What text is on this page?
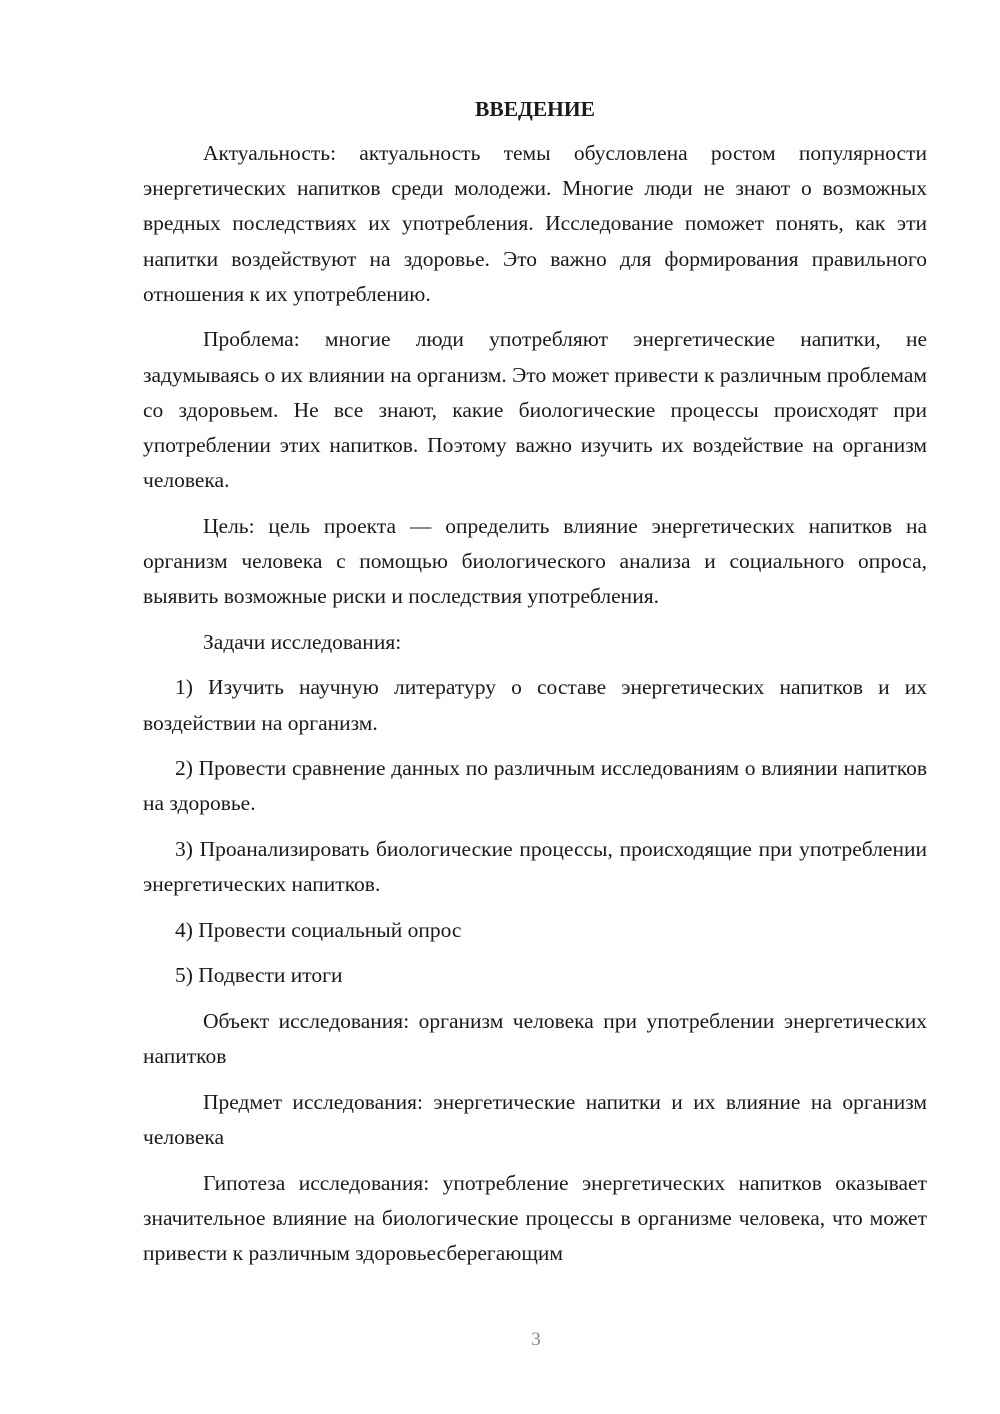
ВВЕДЕНИЕ

Актуальность: актуальность темы обусловлена ростом популярности энергетических напитков среди молодежи. Многие люди не знают о возможных вредных последствиях их употребления. Исследование поможет понять, как эти напитки воздействуют на здоровье. Это важно для формирования правильного отношения к их употреблению.

Проблема: многие люди употребляют энергетические напитки, не задумываясь о их влиянии на организм. Это может привести к различным проблемам со здоровьем. Не все знают, какие биологические процессы происходят при употреблении этих напитков. Поэтому важно изучить их воздействие на организм человека.

Цель: цель проекта — определить влияние энергетических напитков на организм человека с помощью биологического анализа и социального опроса, выявить возможные риски и последствия употребления.

Задачи исследования:

1) Изучить научную литературу о составе энергетических напитков и их воздействии на организм.

2) Провести сравнение данных по различным исследованиям о влиянии напитков на здоровье.

3) Проанализировать биологические процессы, происходящие при употреблении энергетических напитков.

4) Провести социальный опрос

5) Подвести итоги

Объект исследования: организм человека при употреблении энергетических напитков

Предмет исследования: энергетические напитки и их влияние на организм человека

Гипотеза исследования: употребление энергетических напитков оказывает значительное влияние на биологические процессы в организме человека, что может привести к различным здоровьесберегающим

3
